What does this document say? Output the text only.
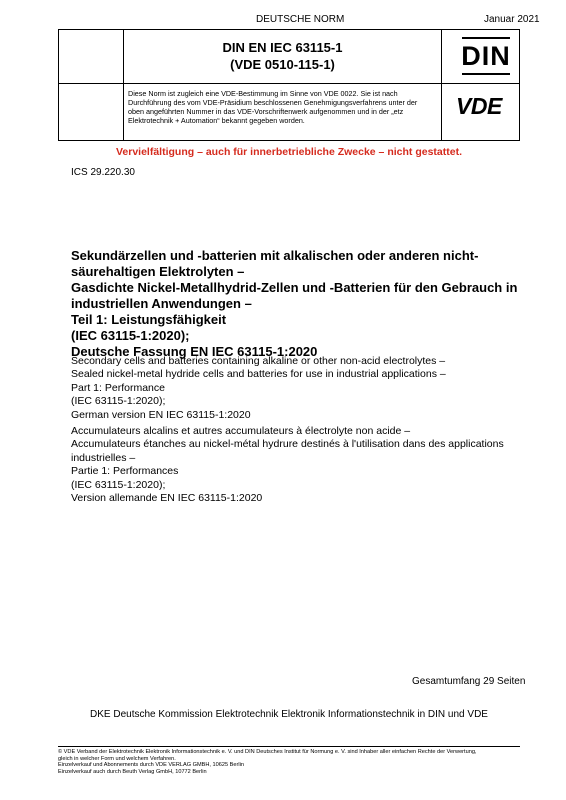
DEUTSCHE NORM	Januar 2021
DIN EN IEC 63115-1
(VDE 0510-115-1)	DIN
Diese Norm ist zugleich eine VDE-Bestimmung im Sinne von VDE 0022. Sie ist nach
Durchführung des vom VDE-Präsidium beschlossenen Genehmigungsverfahrens unter der
oben angeführten Nummer in das VDE-Vorschriftenwerk aufgenommen und in der „etz
Elektrotechnik + Automation“ bekannt gegeben worden.
VDE
Vervielfältigung – auch für innerbetriebliche Zwecke – nicht gestattet.
ICS 29.220.30
Sekundärzellen und -batterien mit alkalischen oder anderen nicht-
säurehaltigen Elektrolyten –
Gasdichte Nickel-Metallhydrid-Zellen und -Batterien für den Gebrauch in
industriellen Anwendungen –
Teil 1: Leistungsfähigkeit
(IEC 63115-1:2020);
Deutsche Fassung EN IEC 63115-1:2020
Secondary cells and batteries containing alkaline or other non-acid electrolytes –
Sealed nickel-metal hydride cells and batteries for use in industrial applications –
Part 1: Performance
(IEC 63115-1:2020);
German version EN IEC 63115-1:2020
Accumulateurs alcalins et autres accumulateurs à électrolyte non acide –
Accumulateurs étanches au nickel-métal hydrure destinés à l'utilisation dans des applications
industrielles –
Partie 1: Performances
(IEC 63115-1:2020);
Version allemande EN IEC 63115-1:2020
Gesamtumfang 29 Seiten
DKE Deutsche Kommission Elektrotechnik Elektronik Informationstechnik in DIN und VDE
© VDE Verband der Elektrotechnik Elektronik Informationstechnik e. V. und DIN Deutsches Institut für Normung e. V. sind Inhaber aller einfachen Rechte der Verwertung,
gleich in welcher Form und welchem Verfahren.
Einzelverkauf und Abonnements durch VDE VERLAG GMBH, 10625 Berlin
Einzelverkauf auch durch Beuth Verlag GmbH, 10772 Berlin
